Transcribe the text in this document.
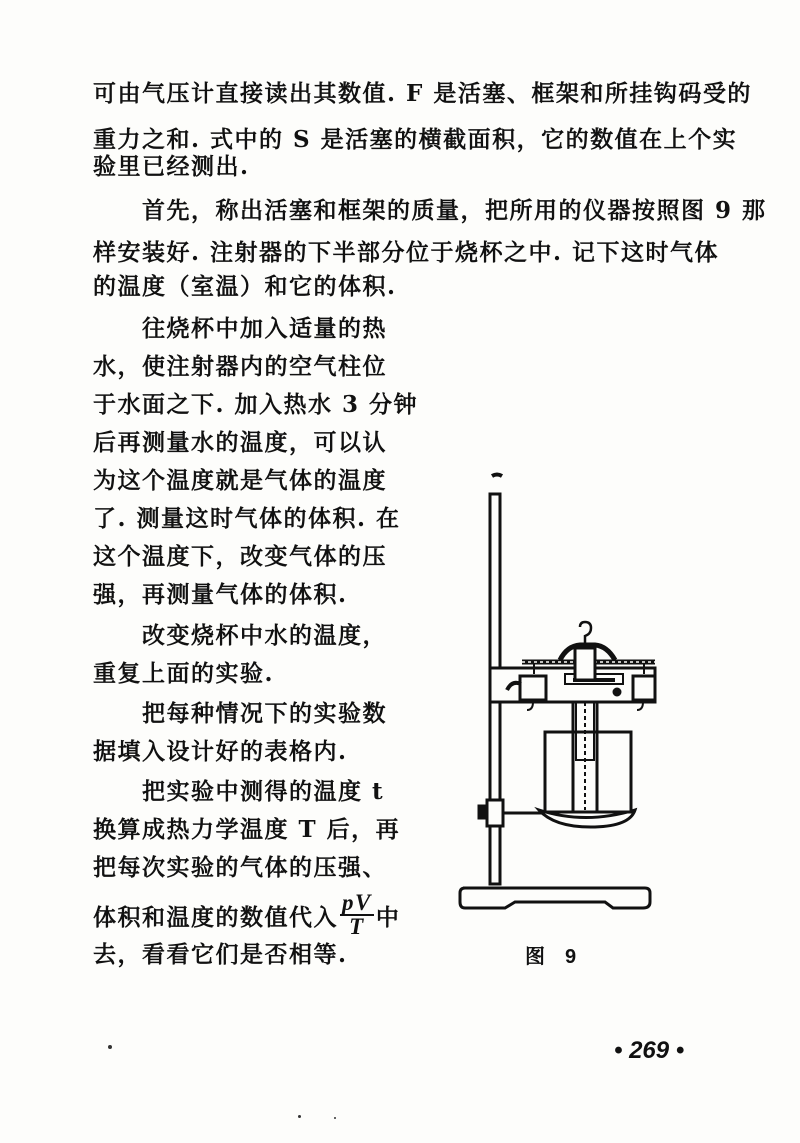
可由气压计直接读出其数值. F 是活塞、框架和所挂钩码受的
重力之和. 式中的 S 是活塞的横截面积，它的数值在上个实
验里已经测出.
首先，称出活塞和框架的质量，把所用的仪器按照图 9 那
样安装好. 注射器的下半部分位于烧杯之中. 记下这时气体
的温度（室温）和它的体积.
往烧杯中加入适量的热
水，使注射器内的空气柱位
于水面之下. 加入热水 3 分钟
后再测量水的温度，可以认
为这个温度就是气体的温度
了. 测量这时气体的体积. 在
这个温度下，改变气体的压
强，再测量气体的体积.
改变烧杯中水的温度，
重复上面的实验.
把每种情况下的实验数
据填入设计好的表格内.
把实验中测得的温度 t
换算成热力学温度 T 后，再
把每次实验的气体的压强、
体积和温度的数值代入 $\frac{pV}{T}$ 中
去，看看它们是否相等.	图 9
• 269 •
